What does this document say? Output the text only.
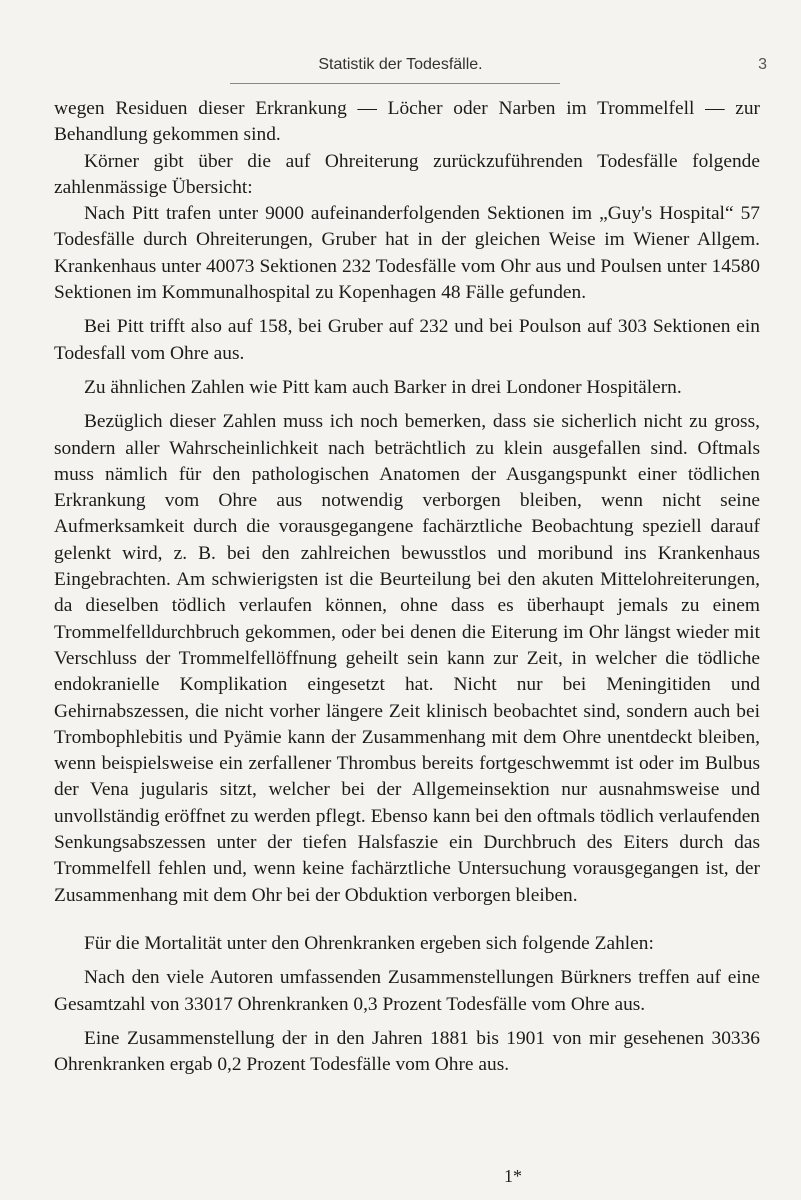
Statistik der Todesfälle.	3

wegen Residuen dieser Erkrankung — Löcher oder Narben im Trommelfell — zur Behandlung gekommen sind.

Körner gibt über die auf Ohreiterung zurückzuführenden Todesfälle folgende zahlenmässige Übersicht:

Nach Pitt trafen unter 9000 aufeinanderfolgenden Sektionen im „Guy's Hospital“ 57 Todesfälle durch Ohreiterungen, Gruber hat in der gleichen Weise im Wiener Allgem. Krankenhaus unter 40073 Sektionen 232 Todesfälle vom Ohr aus und Poulsen unter 14580 Sektionen im Kommunalhospital zu Kopenhagen 48 Fälle gefunden.

Bei Pitt trifft also auf 158, bei Gruber auf 232 und bei Poulson auf 303 Sektionen ein Todesfall vom Ohre aus.

Zu ähnlichen Zahlen wie Pitt kam auch Barker in drei Londoner Hospitälern.

Bezüglich dieser Zahlen muss ich noch bemerken, dass sie sicherlich nicht zu gross, sondern aller Wahrscheinlichkeit nach beträchtlich zu klein ausgefallen sind. Oftmals muss nämlich für den pathologischen Anatomen der Ausgangspunkt einer tödlichen Erkrankung vom Ohre aus notwendig verborgen bleiben, wenn nicht seine Aufmerksamkeit durch die vorausgegangene fachärztliche Beobachtung speziell darauf gelenkt wird, z. B. bei den zahlreichen bewusstlos und moribund ins Krankenhaus Eingebrachten. Am schwierigsten ist die Beurteilung bei den akuten Mittelohreiterungen, da dieselben tödlich verlaufen können, ohne dass es überhaupt jemals zu einem Trommelfelldurchbruch gekommen, oder bei denen die Eiterung im Ohr längst wieder mit Verschluss der Trommelfellöffnung geheilt sein kann zur Zeit, in welcher die tödliche endokranielle Komplikation eingesetzt hat. Nicht nur bei Meningitiden und Gehirnabszessen, die nicht vorher längere Zeit klinisch beobachtet sind, sondern auch bei Trombophlebitis und Pyämie kann der Zusammenhang mit dem Ohre unentdeckt bleiben, wenn beispielsweise ein zerfallener Thrombus bereits fortgeschwemmt ist oder im Bulbus der Vena jugularis sitzt, welcher bei der Allgemeinsektion nur ausnahmsweise und unvollständig eröffnet zu werden pflegt. Ebenso kann bei den oftmals tödlich verlaufenden Senkungsabszessen unter der tiefen Halsfaszie ein Durchbruch des Eiters durch das Trommelfell fehlen und, wenn keine fachärztliche Untersuchung vorausgegangen ist, der Zusammenhang mit dem Ohr bei der Obduktion verborgen bleiben.

Für die Mortalität unter den Ohrenkranken ergeben sich folgende Zahlen:

Nach den viele Autoren umfassenden Zusammenstellungen Bürkners treffen auf eine Gesamtzahl von 33017 Ohrenkranken 0,3 Prozent Todesfälle vom Ohre aus.

Eine Zusammenstellung der in den Jahren 1881 bis 1901 von mir gesehenen 30336 Ohrenkranken ergab 0,2 Prozent Todesfälle vom Ohre aus.

1*
